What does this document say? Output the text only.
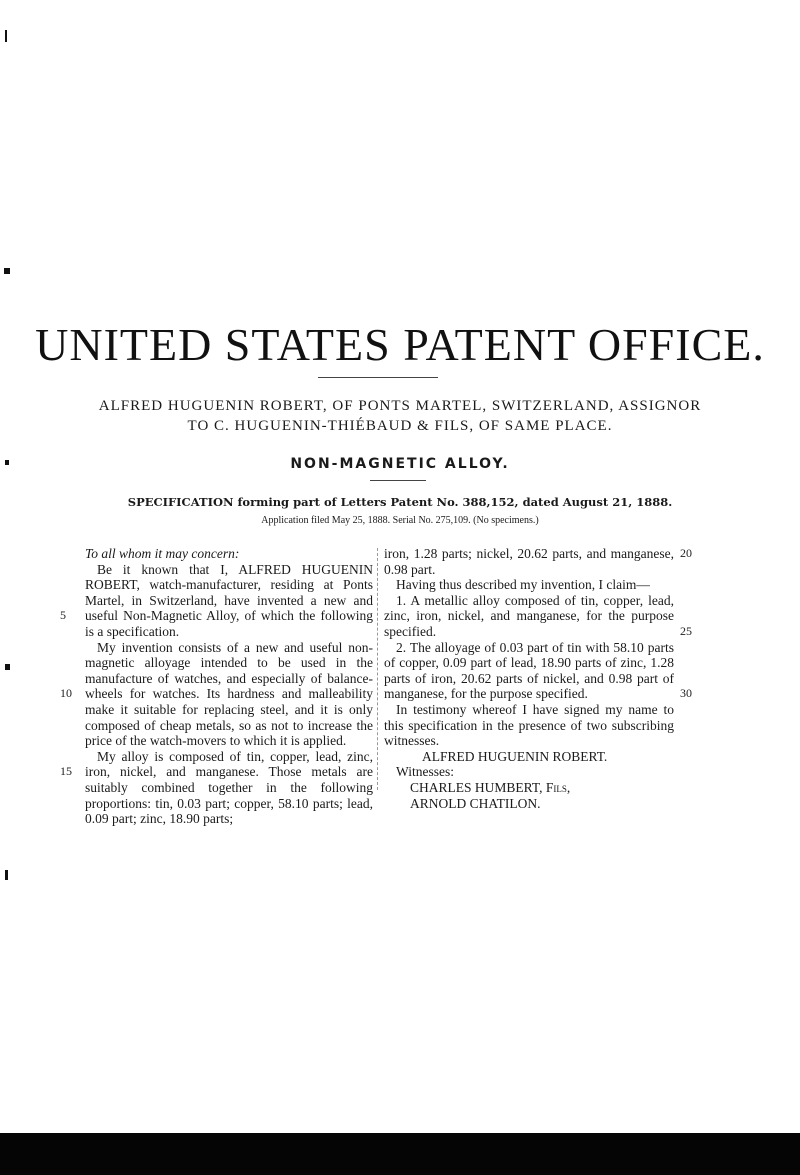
UNITED STATES PATENT OFFICE.
ALFRED HUGUENIN ROBERT, OF PONTS MARTEL, SWITZERLAND, ASSIGNOR
TO C. HUGUENIN-THIÉBAUD & FILS, OF SAME PLACE.
NON-MAGNETIC ALLOY.
SPECIFICATION forming part of Letters Patent No. 388,152, dated August 21, 1888.
Application filed May 25, 1888. Serial No. 275,109. (No specimens.)

To all whom it may concern:

Be it known that I, ALFRED HUGUENIN ROBERT, watch-manufacturer, residing at Ponts Martel, in Switzerland, have invented a new and useful Non-Magnetic Alloy, of which the following is a specification.

My invention consists of a new and useful non-magnetic alloyage intended to be used in the manufacture of watches, and especially of balance-wheels for watches. Its hardness and malleability make it suitable for replacing steel, and it is only composed of cheap metals, so as not to increase the price of the watch-movers to which it is applied.

My alloy is composed of tin, copper, lead, zinc, iron, nickel, and manganese. Those metals are suitably combined together in the following proportions: tin, 0.03 part; copper, 58.10 parts; lead, 0.09 part; zinc, 18.90 parts;

iron, 1.28 parts; nickel, 20.62 parts, and manganese, 0.98 part.

Having thus described my invention, I claim—

1. A metallic alloy composed of tin, copper, lead, zinc, iron, nickel, and manganese, for the purpose specified.

2. The alloyage of 0.03 part of tin with 58.10 parts of copper, 0.09 part of lead, 18.90 parts of zinc, 1.28 parts of iron, 20.62 parts of nickel, and 0.98 part of manganese, for the purpose specified.

In testimony whereof I have signed my name to this specification in the presence of two subscribing witnesses.

ALFRED HUGUENIN ROBERT.

Witnesses:

CHARLES HUMBERT, Fils,

ARNOLD CHATILON.

5
10
15
20
25
30
